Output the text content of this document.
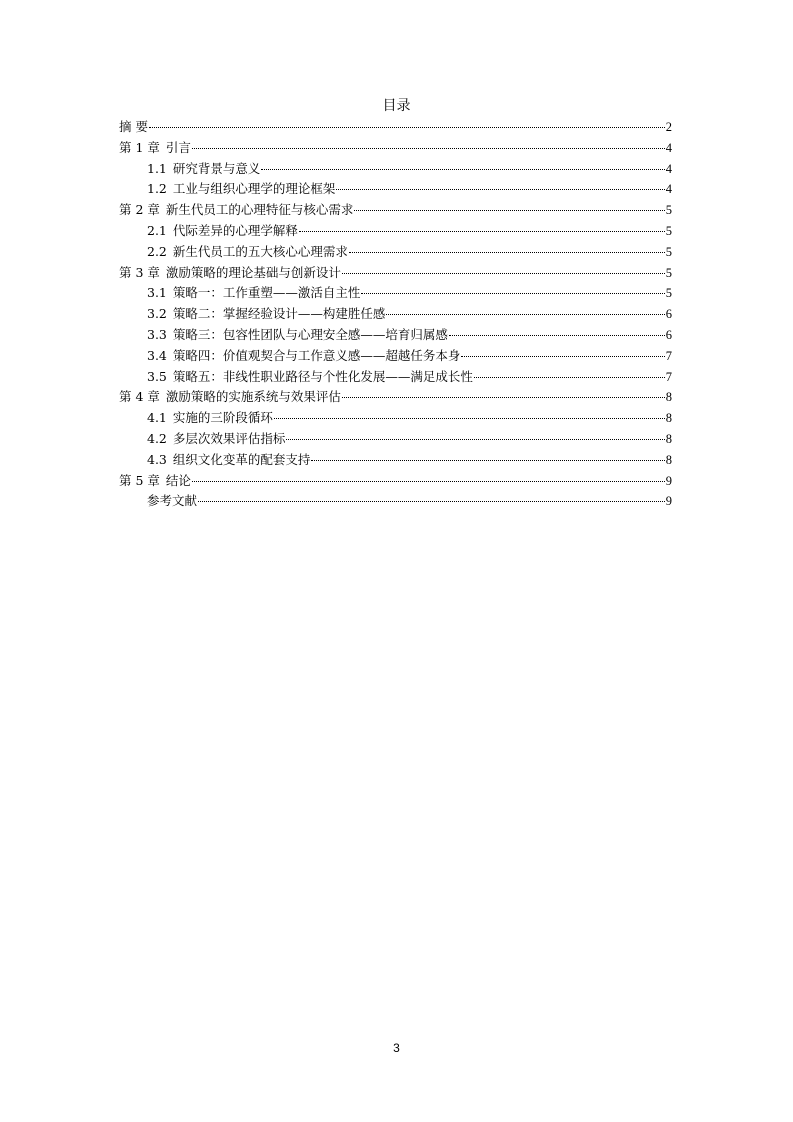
目录
摘 要	2
第 1 章 引言	4
1.1 研究背景与意义	4
1.2 工业与组织心理学的理论框架	4
第 2 章 新生代员工的心理特征与核心需求	5
2.1 代际差异的心理学解释	5
2.2 新生代员工的五大核心心理需求	5
第 3 章 激励策略的理论基础与创新设计	5
3.1 策略一：工作重塑——激活自主性	5
3.2 策略二：掌握经验设计——构建胜任感	6
3.3 策略三：包容性团队与心理安全感——培育归属感	6
3.4 策略四：价值观契合与工作意义感——超越任务本身	7
3.5 策略五：非线性职业路径与个性化发展——满足成长性	7
第 4 章 激励策略的实施系统与效果评估	8
4.1 实施的三阶段循环	8
4.2 多层次效果评估指标	8
4.3 组织文化变革的配套支持	8
第 5 章 结论	9
参考文献	9
3
